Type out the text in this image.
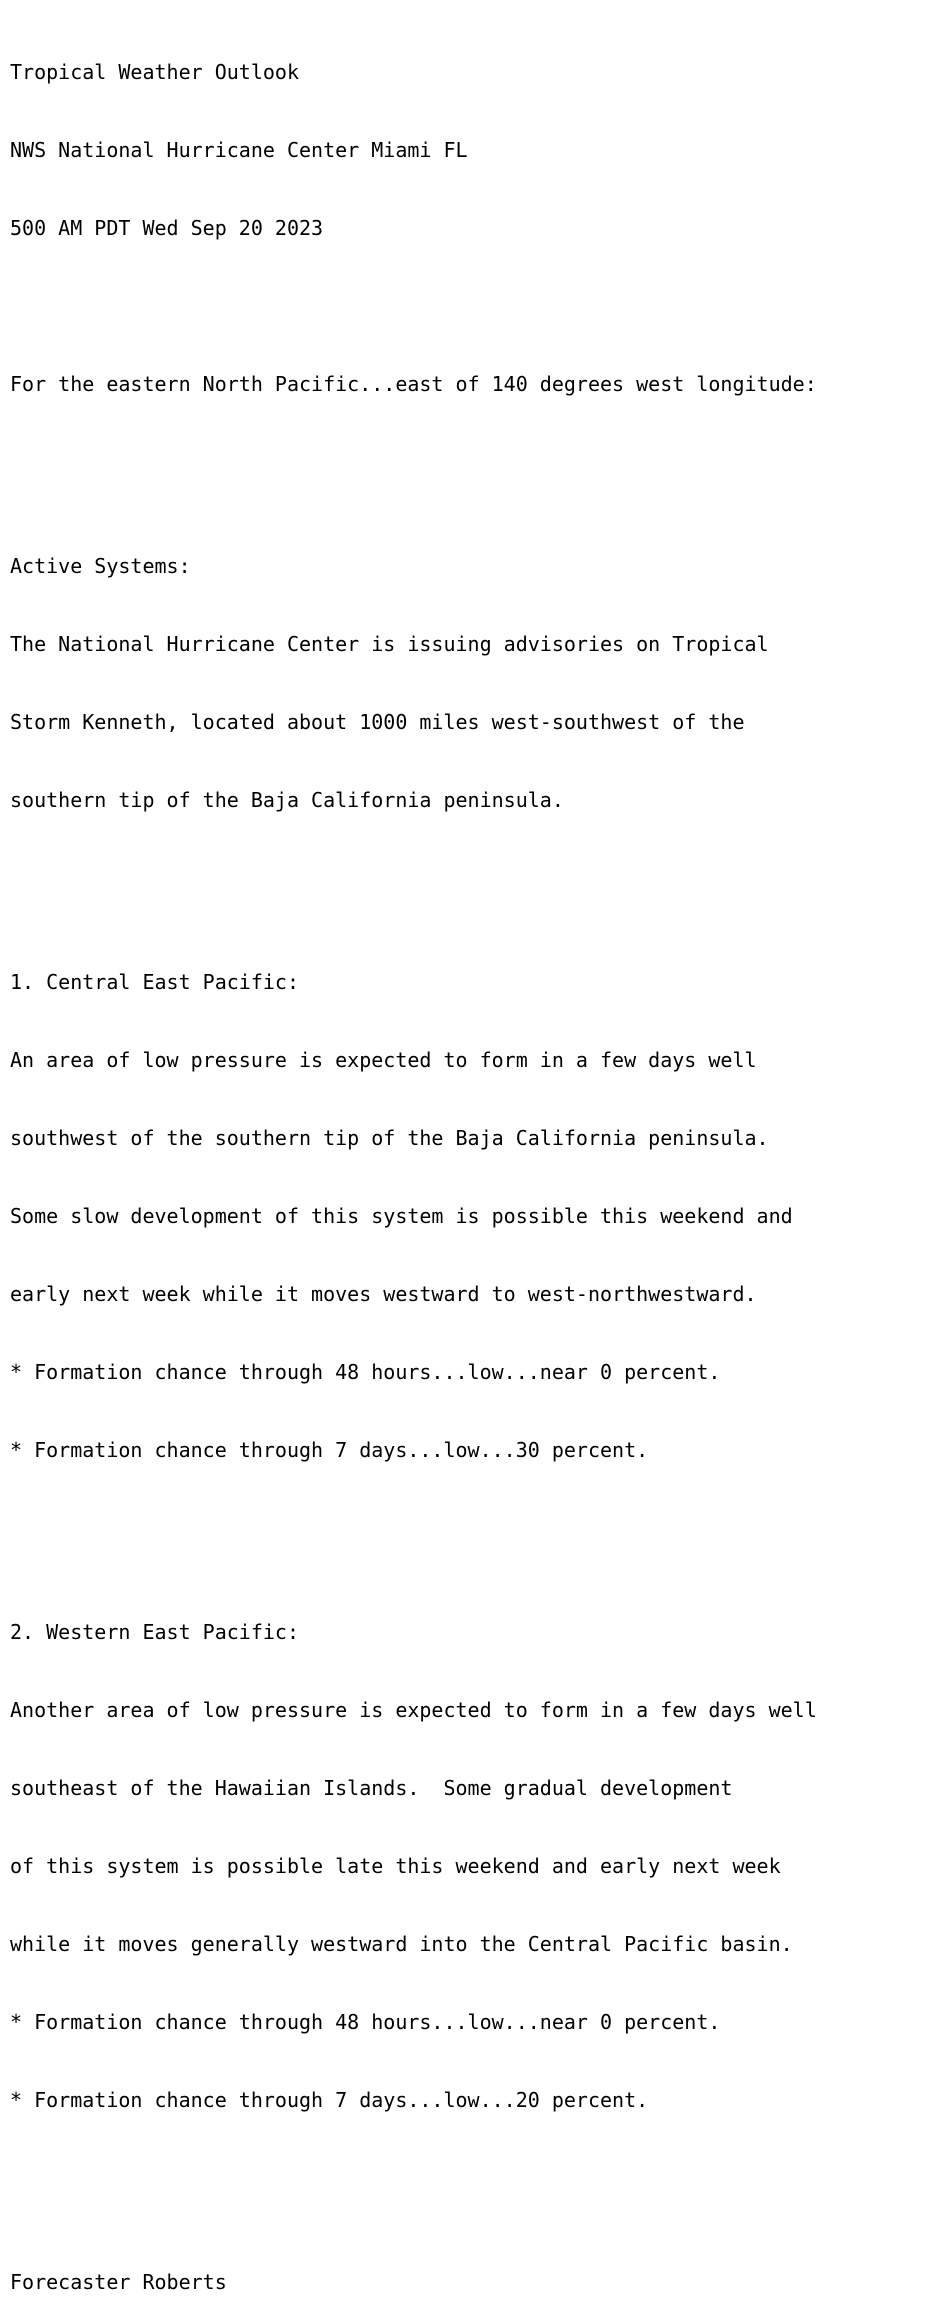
Tropical Weather Outlook

NWS National Hurricane Center Miami FL

500 AM PDT Wed Sep 20 2023

For the eastern North Pacific...east of 140 degrees west longitude:

Active Systems:

The National Hurricane Center is issuing advisories on Tropical

Storm Kenneth, located about 1000 miles west-southwest of the

southern tip of the Baja California peninsula.

1. Central East Pacific:

An area of low pressure is expected to form in a few days well

southwest of the southern tip of the Baja California peninsula.

Some slow development of this system is possible this weekend and

early next week while it moves westward to west-northwestward.

* Formation chance through 48 hours...low...near 0 percent.

* Formation chance through 7 days...low...30 percent.

2. Western East Pacific:

Another area of low pressure is expected to form in a few days well

southeast of the Hawaiian Islands.  Some gradual development

of this system is possible late this weekend and early next week

while it moves generally westward into the Central Pacific basin.

* Formation chance through 48 hours...low...near 0 percent.

* Formation chance through 7 days...low...20 percent.

Forecaster Roberts
